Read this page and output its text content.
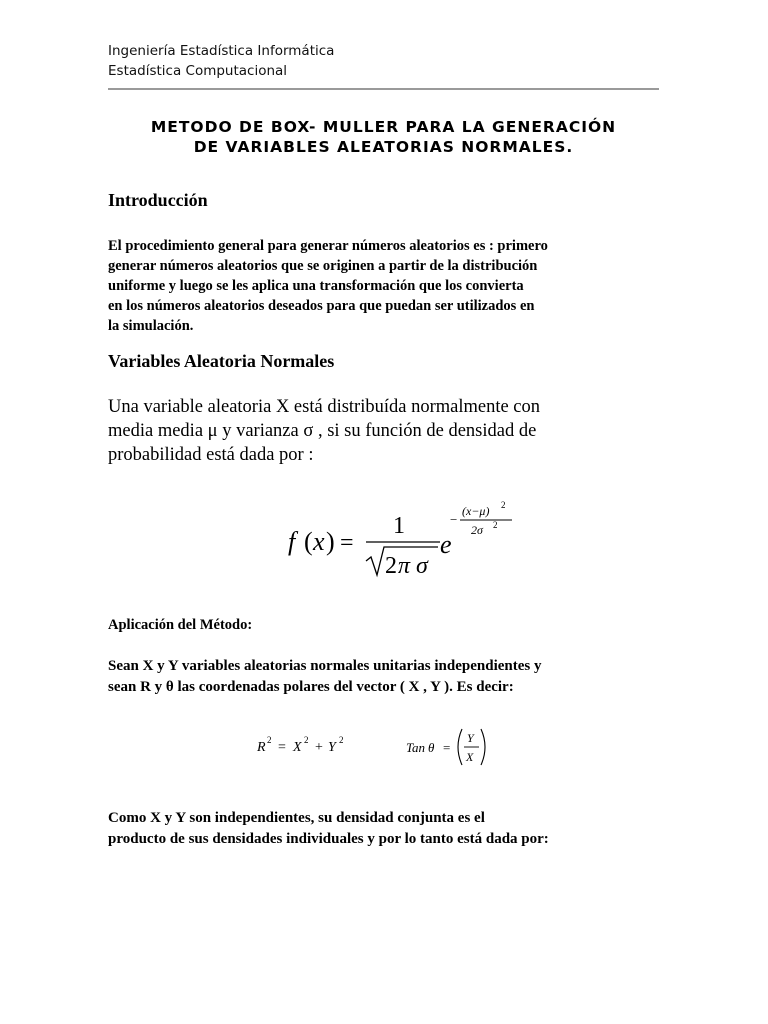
Ingeniería Estadística Informática
Estadística Computacional
METODO DE BOX- MULLER PARA LA GENERACIÓN
DE VARIABLES ALEATORIAS NORMALES.
Introducción
El procedimiento general para generar números aleatorios es : primero
generar números aleatorios que se originen a partir de la distribución
uniforme y luego se les aplica una transformación que los convierta
en los números aleatorios deseados para que puedan ser utilizados en
la simulación.
Variables Aleatoria Normales
Una variable aleatoria X está distribuída normalmente con
media media μ y varianza σ , si su función de densidad de
probabilidad está dada por :
f ( x ) =
1
2 π σ
e
−
(x−μ) 2
2σ 2
Aplicación del Método:
Sean X y Y variables aleatorias normales unitarias independientes y
sean R y θ las coordenadas polares del vector ( X , Y ). Es decir:
R 2 = X 2 + Y 2	Tan θ =
Y
X
Como X y Y son independientes, su densidad conjunta es el
producto de sus densidades individuales y por lo tanto está dada por:
